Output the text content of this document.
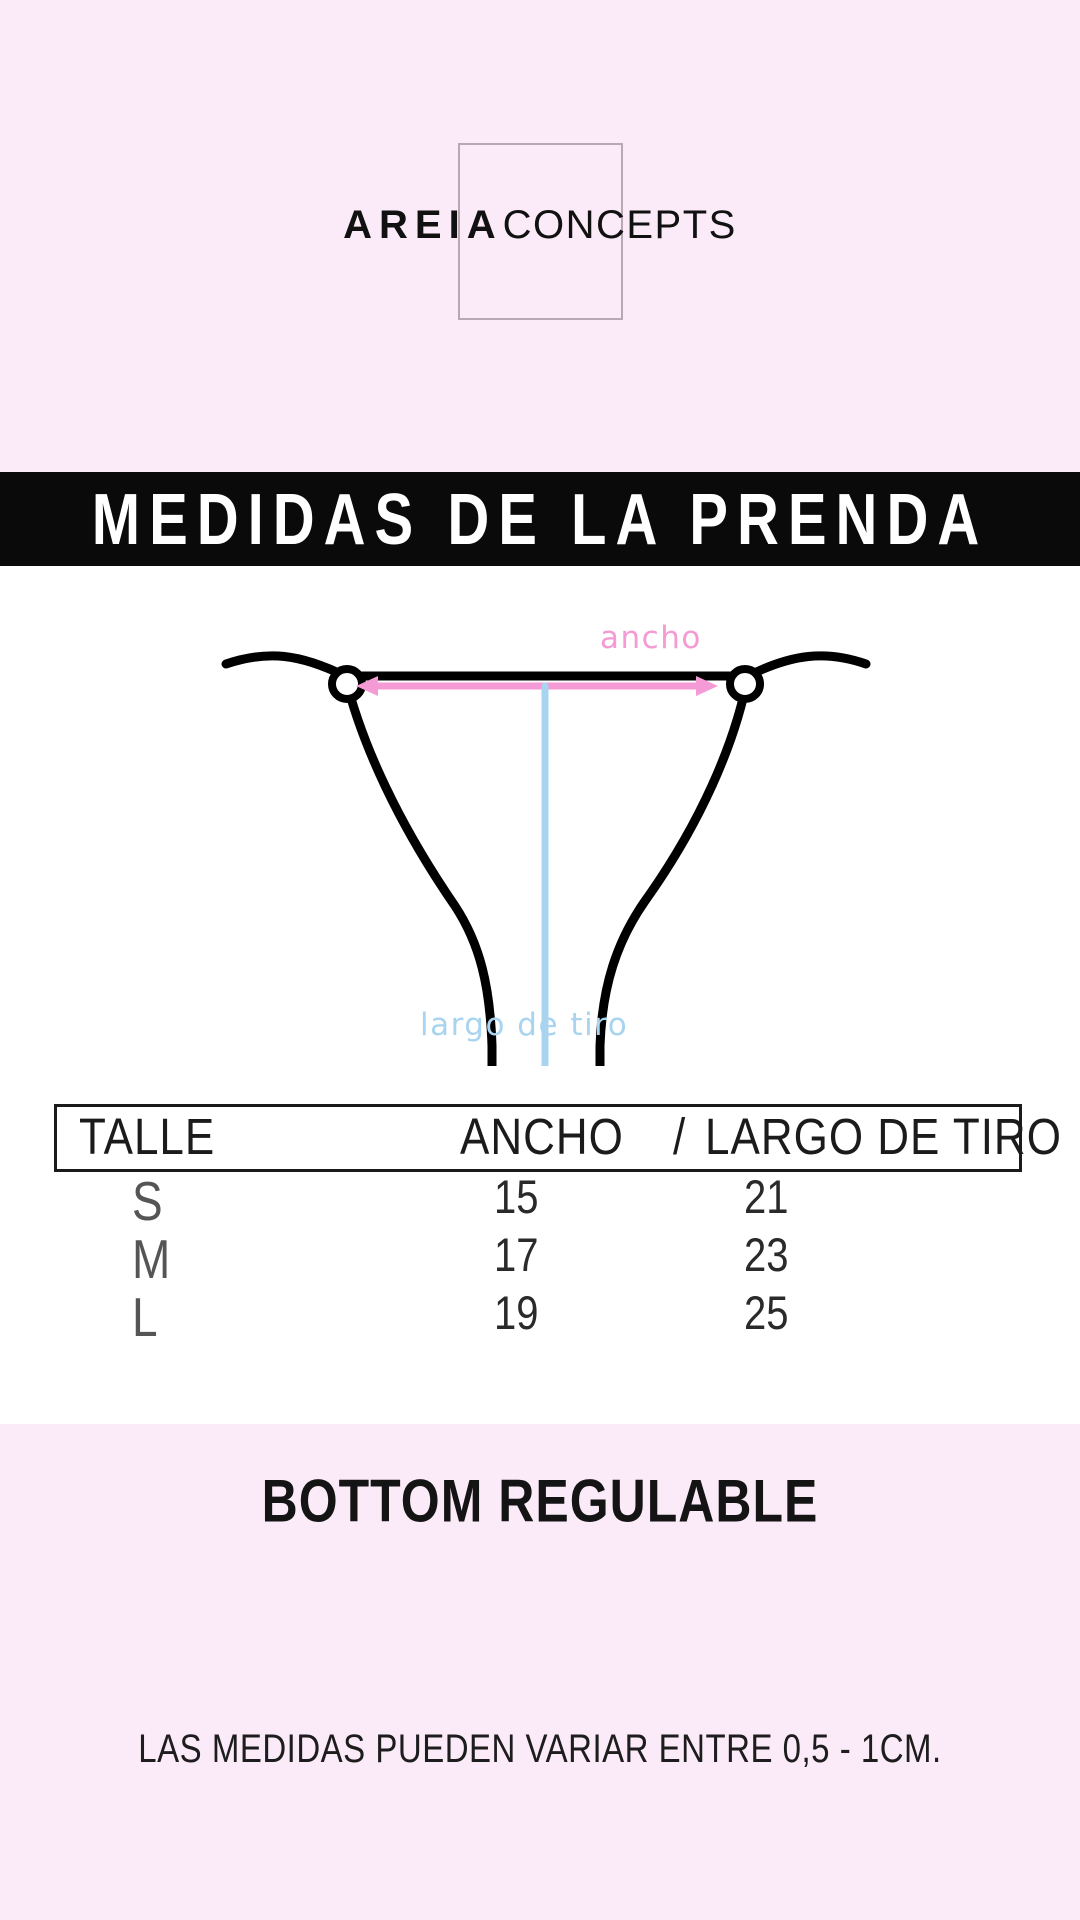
AREIACONCEPTS
MEDIDAS DE LA PRENDA
ancho
largo de tiro
TALLE	ANCHO / LARGO DE TIRO
S	15	21
M	17	23
L	19	25
BOTTOM REGULABLE
LAS MEDIDAS PUEDEN VARIAR ENTRE 0,5 - 1CM.
